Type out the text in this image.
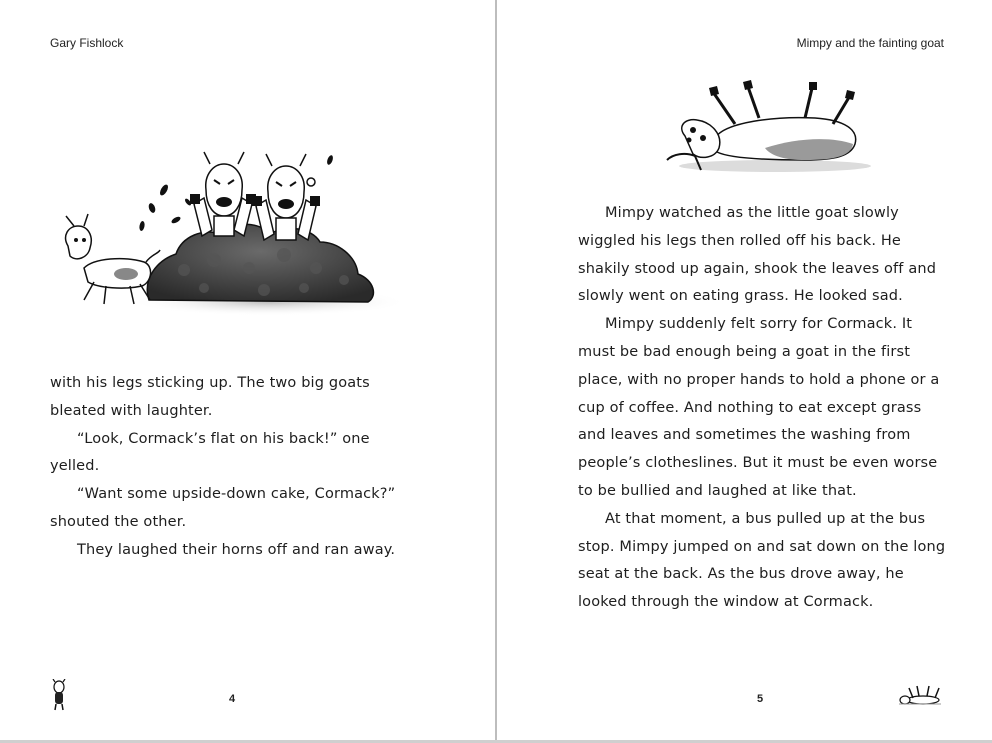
Gary Fishlock

with his legs sticking up. The two big goats bleated with laughter.

“Look, Cormack’s flat on his back!” one yelled.

“Want some upside-down cake, Cormack?” shouted the other.

They laughed their horns off and ran away.

4
Mimpy and the fainting goat

Mimpy watched as the little goat slowly wiggled his legs then rolled off his back. He shakily stood up again, shook the leaves off and slowly went on eating grass. He looked sad.

Mimpy suddenly felt sorry for Cormack. It must be bad enough being a goat in the first place, with no proper hands to hold a phone or a cup of coffee. And nothing to eat except grass and leaves and sometimes the washing from people’s clotheslines. But it must be even worse to be bullied and laughed at like that.

At that moment, a bus pulled up at the bus stop. Mimpy jumped on and sat down on the long seat at the back. As the bus drove away, he looked through the window at Cormack.

5
